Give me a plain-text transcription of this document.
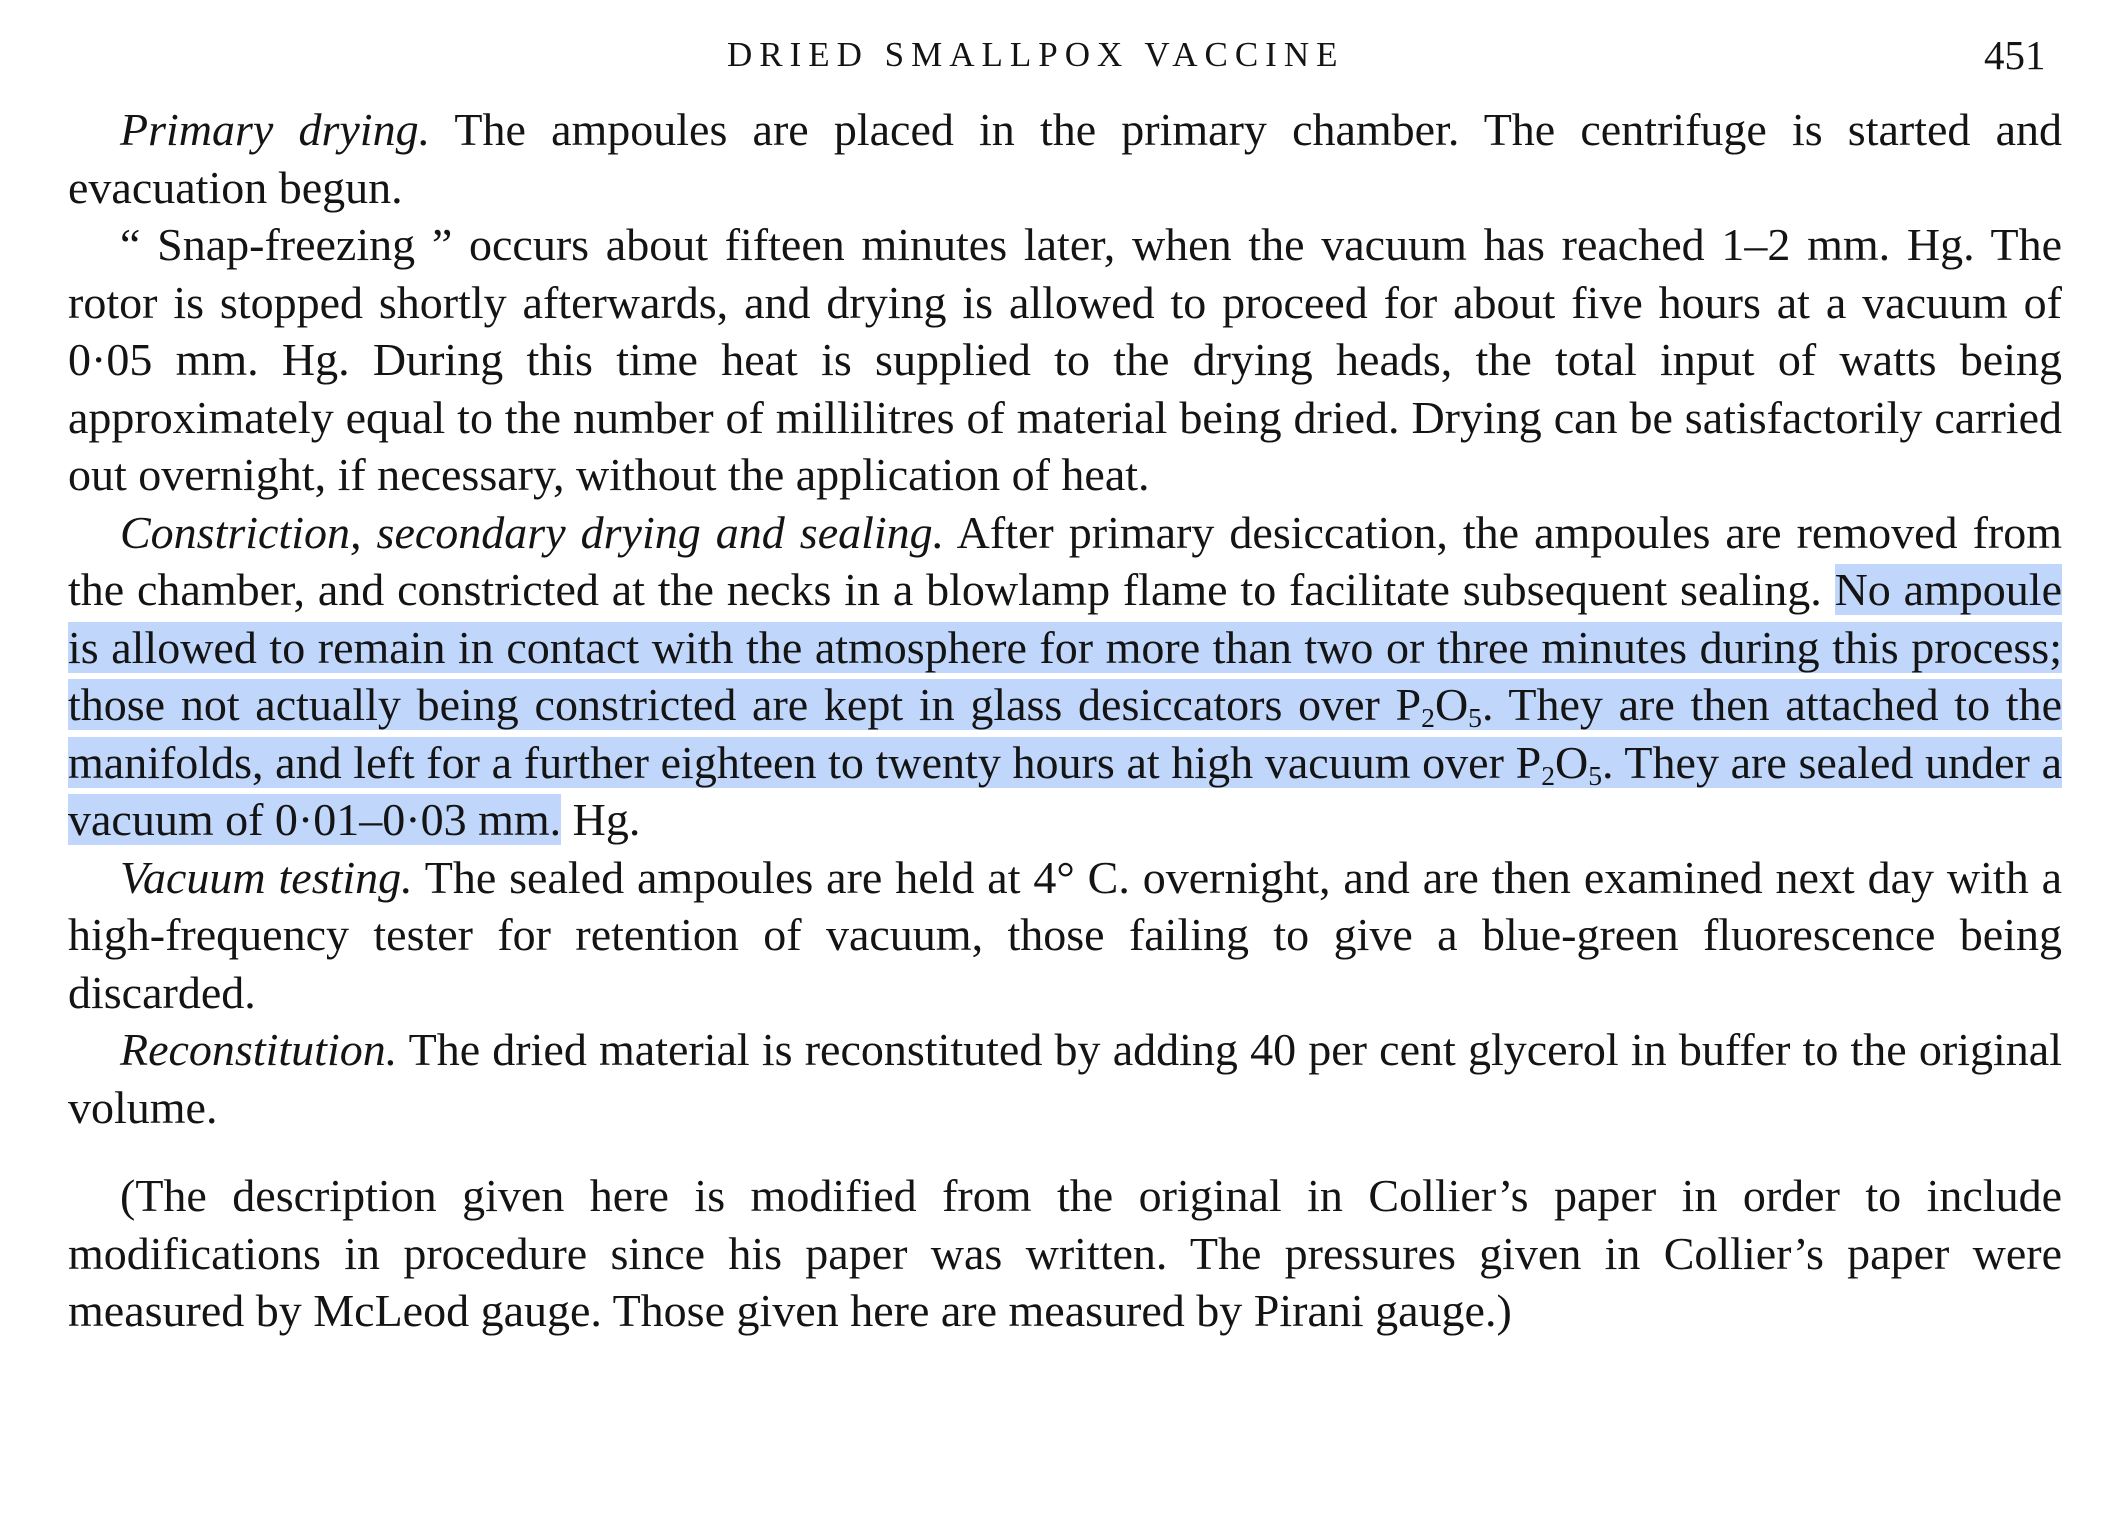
DRIED SMALLPOX VACCINE	451

Primary drying. The ampoules are placed in the primary chamber. The centrifuge is started and evacuation begun.

“ Snap-freezing ” occurs about fifteen minutes later, when the vacuum has reached 1–2 mm. Hg. The rotor is stopped shortly afterwards, and drying is allowed to proceed for about five hours at a vacuum of 0·05 mm. Hg. During this time heat is supplied to the drying heads, the total input of watts being approximately equal to the number of millilitres of material being dried. Drying can be satisfactorily carried out overnight, if necessary, without the application of heat.

Constriction, secondary drying and sealing. After primary desiccation, the ampoules are removed from the chamber, and constricted at the necks in a blowlamp flame to facilitate subsequent sealing. No ampoule is allowed to remain in contact with the atmosphere for more than two or three minutes during this process; those not actually being constricted are kept in glass desiccators over $P_2O_5$. They are then attached to the manifolds, and left for a further eighteen to twenty hours at high vacuum over $P_2O_5$. They are sealed under a vacuum of 0·01–0·03 mm. Hg.

Vacuum testing. The sealed ampoules are held at 4° C. overnight, and are then examined next day with a high-frequency tester for retention of vacuum, those failing to give a blue-green fluorescence being discarded.

Reconstitution. The dried material is reconstituted by adding 40 per cent glycerol in buffer to the original volume.

(The description given here is modified from the original in Collier’s paper in order to include modifications in procedure since his paper was written. The pressures given in Collier’s paper were measured by McLeod gauge. Those given here are measured by Pirani gauge.)
